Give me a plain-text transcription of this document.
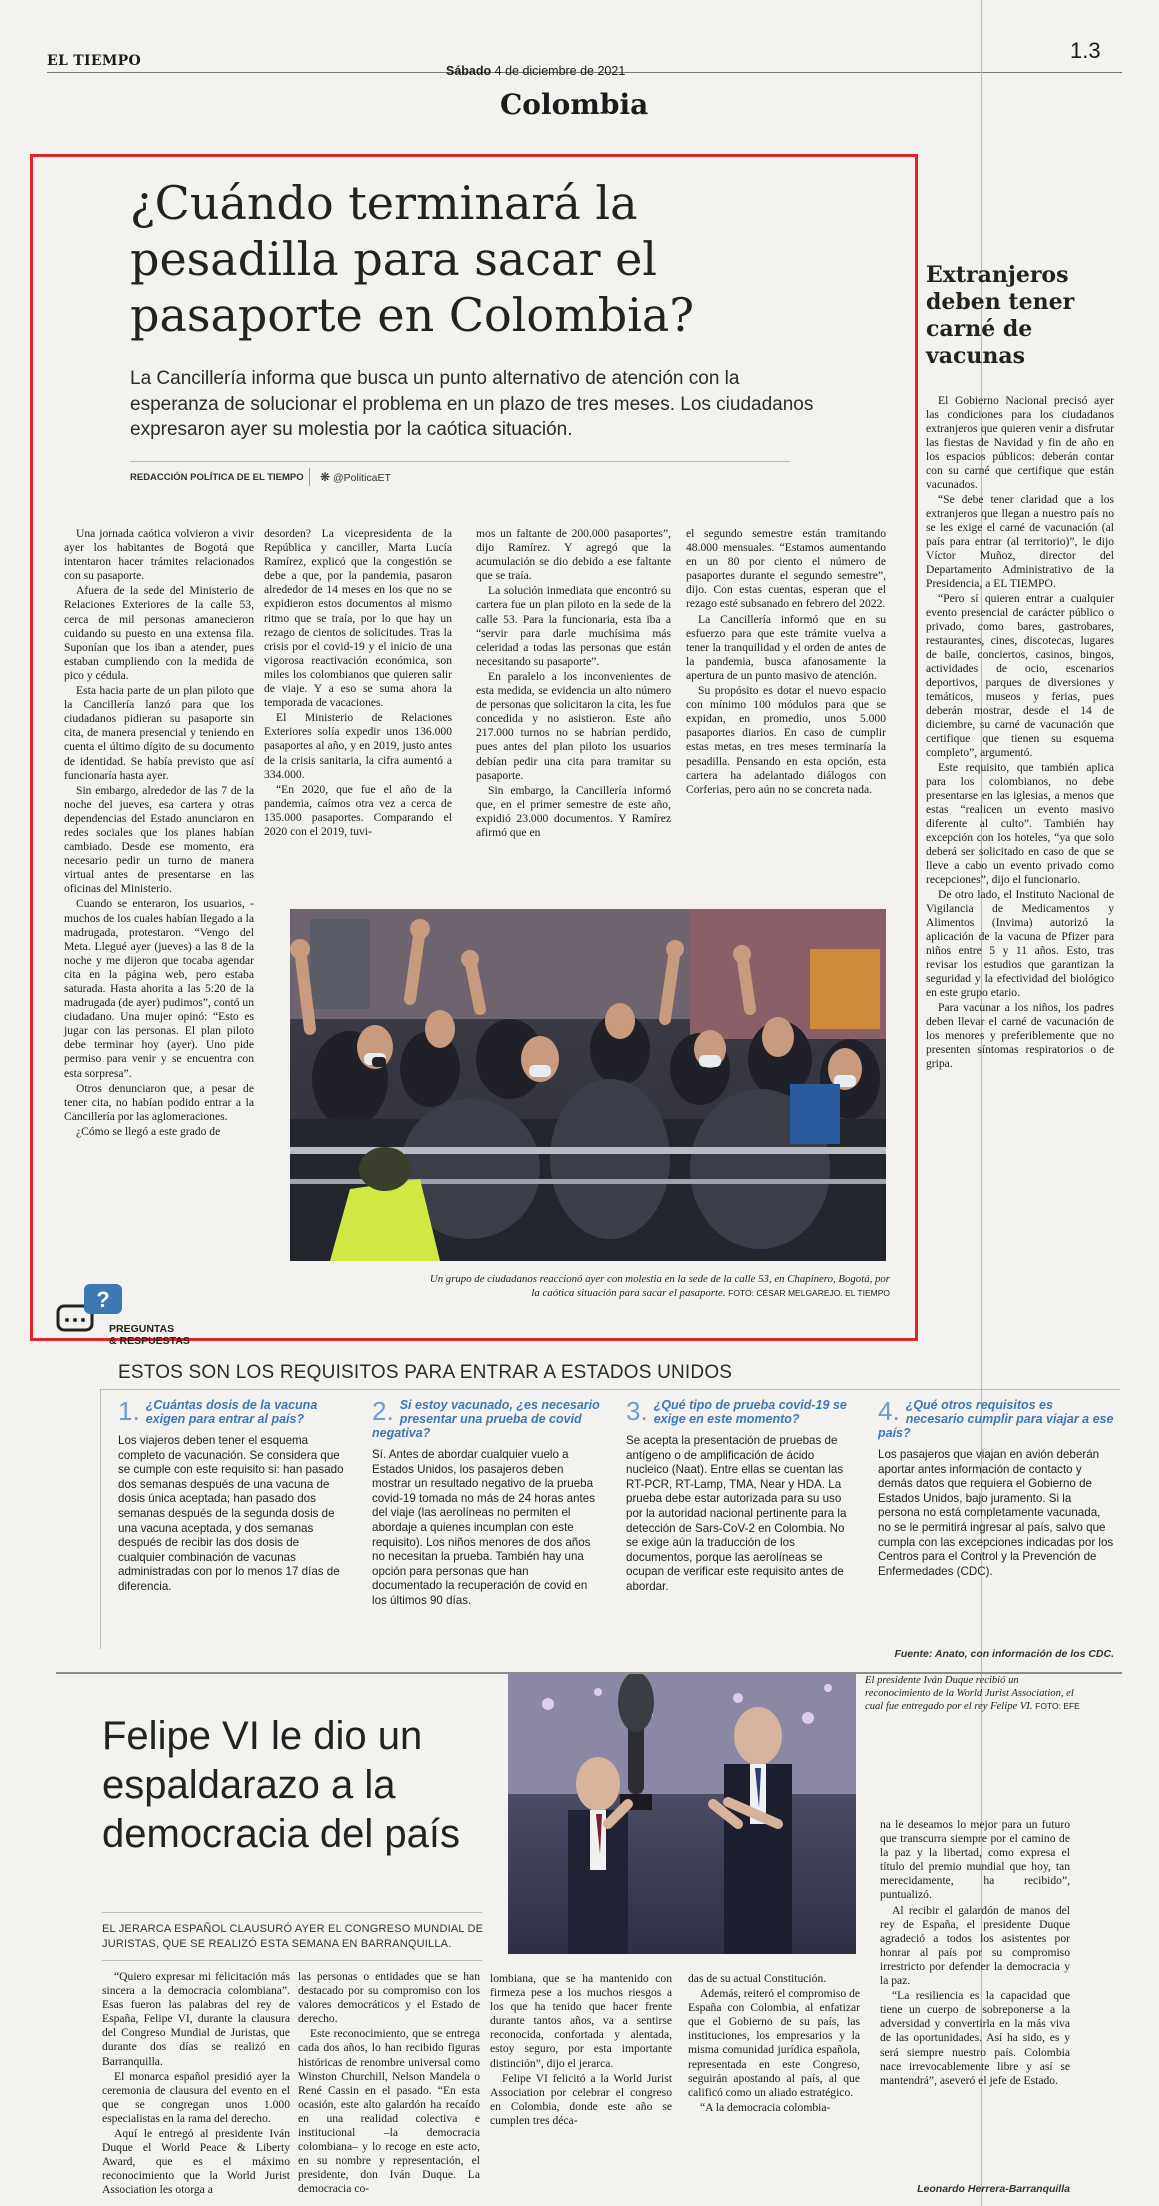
EL TIEMPO
Sábado 4 de diciembre de 2021
Colombia
1.3
¿Cuándo terminará la pesadilla para sacar el pasaporte en Colombia?

La Cancillería informa que busca un punto alternativo de atención con la esperanza de solucionar el problema en un plazo de tres meses. Los ciudadanos expresaron ayer su molestia por la caótica situación.

REDACCIÓN POLÍTICA DE EL TIEMPO ❋ @PoliticaET

Una jornada caótica volvieron a vivir ayer los habitantes de Bogotá que intentaron hacer trámites relacionados con su pasaporte.

Afuera de la sede del Ministerio de Relaciones Exteriores de la calle 53, cerca de mil personas amanecieron cuidando su puesto en una extensa fila. Suponían que los iban a atender, pues estaban cumpliendo con la medida de pico y cédula.

Esta hacia parte de un plan piloto que la Cancillería lanzó para que los ciudadanos pidieran su pasaporte sin cita, de manera presencial y teniendo en cuenta el último dígito de su documento de identidad. Se había previsto que así funcionaría hasta ayer.

Sin embargo, alrededor de las 7 de la noche del jueves, esa cartera y otras dependencias del Estado anunciaron en redes sociales que los planes habían cambiado. Desde ese momento, era necesario pedir un turno de manera virtual antes de presentarse en las oficinas del Ministerio.

Cuando se enteraron, los usuarios, -muchos de los cuales habían llegado a la madrugada, protestaron. “Vengo del Meta. Llegué ayer (jueves) a las 8 de la noche y me dijeron que tocaba agendar cita en la página web, pero estaba saturada. Hasta ahorita a las 5:20 de la madrugada (de ayer) pudimos”, contó un ciudadano. Una mujer opinó: “Esto es jugar con las personas. El plan piloto debe terminar hoy (ayer). Uno pide permiso para venir y se encuentra con esta sorpresa”.

Otros denunciaron que, a pesar de tener cita, no habían podido entrar a la Cancillería por las aglomeraciones.

¿Cómo se llegó a este grado de

desorden? La vicepresidenta de la República y canciller, Marta Lucía Ramírez, explicó que la congestión se debe a que, por la pandemia, pasaron alrededor de 14 meses en los que no se expidieron estos documentos al mismo ritmo que se traía, por lo que hay un rezago de cientos de solicitudes. Tras la crisis por el covid-19 y el inicio de una vigorosa reactivación económica, son miles los colombianos que quieren salir de viaje. Y a eso se suma ahora la temporada de vacaciones.

El Ministerio de Relaciones Exteriores solía expedir unos 136.000 pasaportes al año, y en 2019, justo antes de la crisis sanitaria, la cifra aumentó a 334.000.

“En 2020, que fue el año de la pandemia, caímos otra vez a cerca de 135.000 pasaportes. Comparando el 2020 con el 2019, tuvi-

mos un faltante de 200.000 pasaportes”, dijo Ramírez. Y agregó que la acumulación se dio debido a ese faltante que se traía.

La solución inmediata que encontró su cartera fue un plan piloto en la sede de la calle 53. Para la funcionaria, esta iba a “servir para darle muchísima más celeridad a todas las personas que están necesitando su pasaporte”.

En paralelo a los inconvenientes de esta medida, se evidencia un alto número de personas que solicitaron la cita, les fue concedida y no asistieron. Este año 217.000 turnos no se habrían perdido, pues antes del plan piloto los usuarios debían pedir una cita para tramitar su pasaporte.

Sin embargo, la Cancillería informó que, en el primer semestre de este año, expidió 23.000 documentos. Y Ramírez afirmó que en

el segundo semestre están tramitando 48.000 mensuales. “Estamos aumentando en un 80 por ciento el número de pasaportes durante el segundo semestre”, dijo. Con estas cuentas, esperan que el rezago esté subsanado en febrero del 2022.

La Cancillería informó que en su esfuerzo para que este trámite vuelva a tener la tranquilidad y el orden de antes de la pandemia, busca afanosamente la apertura de un punto masivo de atención.

Su propósito es dotar el nuevo espacio con mínimo 100 módulos para que se expidan, en promedio, unos 5.000 pasaportes diarios. En caso de cumplir estas metas, en tres meses terminaría la pesadilla. Pensando en esta opción, esta cartera ha adelantado diálogos con Corferias, pero aún no se concreta nada.

Un grupo de ciudadanos reaccionó ayer con molestia en la sede de la calle 53, en Chapinero, Bogotá, por la caótica situación para sacar el pasaporte. FOTO: CÉSAR MELGAREJO. EL TIEMPO
Extranjeros deben tener carné de vacunas

El Gobierno Nacional precisó ayer las condiciones para los ciudadanos extranjeros que quieren venir a disfrutar las fiestas de Navidad y fin de año en los espacios públicos: deberán contar con su carné que certifique que están vacunados.

“Se debe tener claridad que a los extranjeros que llegan a nuestro país no se les exige el carné de vacunación (al país para entrar (al territorio)”, le dijo Víctor Muñoz, director del Departamento Administrativo de la Presidencia, a EL TIEMPO.

“Pero sí quieren entrar a cualquier evento presencial de carácter público o privado, como bares, gastrobares, restaurantes, cines, discotecas, lugares de baile, conciertos, casinos, bingos, actividades de ocio, escenarios deportivos, parques de diversiones y temáticos, museos y ferias, pues deberán mostrar, desde el 14 de diciembre, su carné de vacunación que certifique que tienen su esquema completo”, argumentó.

Este requisito, que también aplica para los colombianos, no debe presentarse en las iglesias, a menos que estas “realicen un evento masivo diferente al culto”. También hay excepción con los hoteles, “ya que solo deberá ser solicitado en caso de que se lleve a cabo un evento privado como recepciones”, dijo el funcionario.

De otro lado, el Instituto Nacional de Vigilancia de Medicamentos y Alimentos (Invima) autorizó la aplicación de la vacuna de Pfizer para niños entre 5 y 11 años. Esto, tras revisar los estudios que garantizan la seguridad y la efectividad del biológico en este grupo etario.

Para vacunar a los niños, los padres deben llevar el carné de vacunación de los menores y preferiblemente que no presenten síntomas respiratorios o de gripa.

?
PREGUNTAS
& RESPUESTAS
ESTOS SON LOS REQUISITOS PARA ENTRAR A ESTADOS UNIDOS
1. ¿Cuántas dosis de la vacuna exigen para entrar al país?
Los viajeros deben tener el esquema completo de vacunación. Se considera que se cumple con este requisito si: han pasado dos semanas después de una vacuna de dosis única aceptada; han pasado dos semanas después de la segunda dosis de una vacuna aceptada, y dos semanas después de recibir las dos dosis de cualquier combinación de vacunas administradas con por lo menos 17 días de diferencia.
2. Si estoy vacunado, ¿es necesario presentar una prueba de covid negativa?
Sí. Antes de abordar cualquier vuelo a Estados Unidos, los pasajeros deben mostrar un resultado negativo de la prueba covid-19 tomada no más de 24 horas antes del viaje (las aerolíneas no permiten el abordaje a quienes incumplan con este requisito). Los niños menores de dos años no necesitan la prueba. También hay una opción para personas que han documentado la recuperación de covid en los últimos 90 días.
3. ¿Qué tipo de prueba covid-19 se exige en este momento?
Se acepta la presentación de pruebas de antígeno o de amplificación de ácido nucleico (Naat). Entre ellas se cuentan las RT-PCR, RT-Lamp, TMA, Near y HDA. La prueba debe estar autorizada para su uso por la autoridad nacional pertinente para la detección de Sars-CoV-2 en Colombia. No se exige aún la traducción de los documentos, porque las aerolíneas se ocupan de verificar este requisito antes de abordar.
4. ¿Qué otros requisitos es necesario cumplir para viajar a ese país?
Los pasajeros que viajan en avión deberán aportar antes información de contacto y demás datos que requiera el Gobierno de Estados Unidos, bajo juramento. Si la persona no está completamente vacunada, no se le permitirá ingresar al país, salvo que cumpla con las excepciones indicadas por los Centros para el Control y la Prevención de Enfermedades (CDC).
Fuente: Anato, con información de los CDC.
Felipe VI le dio un espaldarazo a la democracia del país
El presidente Iván Duque recibió un reconocimiento de la World Jurist Association, el cual fue entregado por el rey Felipe VI. FOTO: EFE

EL JERARCA ESPAÑOL CLAUSURÓ AYER EL CONGRESO MUNDIAL DE JURISTAS, QUE SE REALIZÓ ESTA SEMANA EN BARRANQUILLA.

“Quiero expresar mi felicitación más sincera a la democracia colombiana”. Esas fueron las palabras del rey de España, Felipe VI, durante la clausura del Congreso Mundial de Juristas, que durante dos días se realizó en Barranquilla.

El monarca español presidió ayer la ceremonia de clausura del evento en el que se congregan unos 1.000 especialistas en la rama del derecho.

Aquí le entregó al presidente Iván Duque el World Peace & Liberty Award, que es el máximo reconocimiento que la World Jurist Association les otorga a

las personas o entidades que se han destacado por su compromiso con los valores democráticos y el Estado de derecho.

Este reconocimiento, que se entrega cada dos años, lo han recibido figuras históricas de renombre universal como Winston Churchill, Nelson Mandela o René Cassin en el pasado. “En esta ocasión, este alto galardón ha recaído en una realidad colectiva e institucional –la democracia colombiana– y lo recoge en este acto, en su nombre y representación, el presidente, don Iván Duque. La democracia co-

lombiana, que se ha mantenido con firmeza pese a los muchos riesgos a los que ha tenido que hacer frente durante tantos años, va a sentirse reconocida, confortada y alentada, estoy seguro, por esta importante distinción”, dijo el jerarca.

Felipe VI felicitó a la World Jurist Association por celebrar el congreso en Colombia, donde este año se cumplen tres déca-

das de su actual Constitución.

Además, reiteró el compromiso de España con Colombia, al enfatizar que el Gobierno de su país, las instituciones, los empresarios y la misma comunidad jurídica española, representada en este Congreso, seguirán apostando al país, al que calificó como un aliado estratégico.

“A la democracia colombia-

na le deseamos lo mejor para un futuro que transcurra siempre por el camino de la paz y la libertad, como expresa el título del premio mundial que hoy, tan merecidamente, ha recibido”, puntualizó.

Al recibir el galardón de manos del rey de España, el presidente Duque agradeció a todos los asistentes por honrar al país por su compromiso irrestricto por defender la democracia y la paz.

“La resiliencia es la capacidad que tiene un cuerpo de sobreponerse a la adversidad y convertirla en la más viva de las oportunidades. Así ha sido, es y será siempre nuestro país. Colombia nace irrevocablemente libre y así se mantendrá”, aseveró el jefe de Estado.

Leonardo Herrera-Barranquilla
